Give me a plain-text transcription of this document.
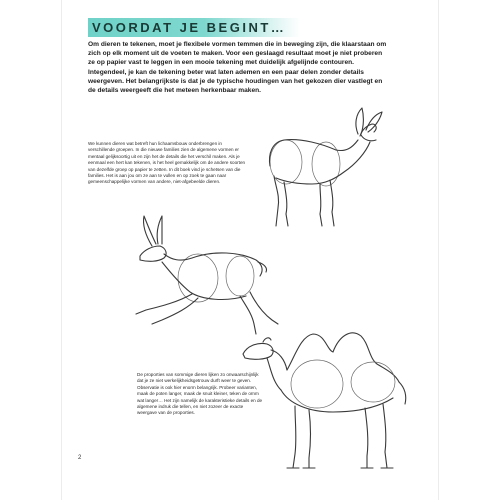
VOORDAT JE BEGINT…

Om dieren te tekenen, moet je flexibele vormen temmen die in beweging zijn, die klaarstaan om zich op elk moment uit de voeten te maken. Voor een geslaagd resultaat moet je niet proberen ze op papier vast te leggen in een mooie tekening met duidelijk afgelijnde contouren. Integendeel, je kan de tekening beter wat laten ademen en een paar delen zonder details weergeven. Het belangrijkste is dat je de typische houdingen van het gekozen dier vastlegt en de details weergeeft die het meteen herkenbaar maken.

We kunnen dieren wat betreft hun lichaamsbouw onderbrengen in verschillende groepen. In die nieuwe families zien de algemene vormen er mentaal gelijksoortig uit en zijn het de details die het verschil maken. Als je eenmaal een hert kan tekenen, is het heel gemakkelijk om de andere soorten van dezelfde groep op papier te zetten. In dit boek vind je schetsen van die families. Het is aan jou om ze aan te vullen en op zoek te gaan naar gemeenschappelijke vormen van andere, niet-afgebeelde dieren.

De proporties van sommige dieren lijken zo onwaarschijnlijk dat je ze niet werkelijkheidsgetrouw durft weer te geven. Observatie is ook hier enorm belangrijk. Probeer varianten, maak de poten langer, maak de snuit kleiner, teken de ornm wat langer… Het zijn namelijk de karakteristieke details en de algemene indruk die tellen, en niet zozeer de exacte weergave van de proporties.

2
